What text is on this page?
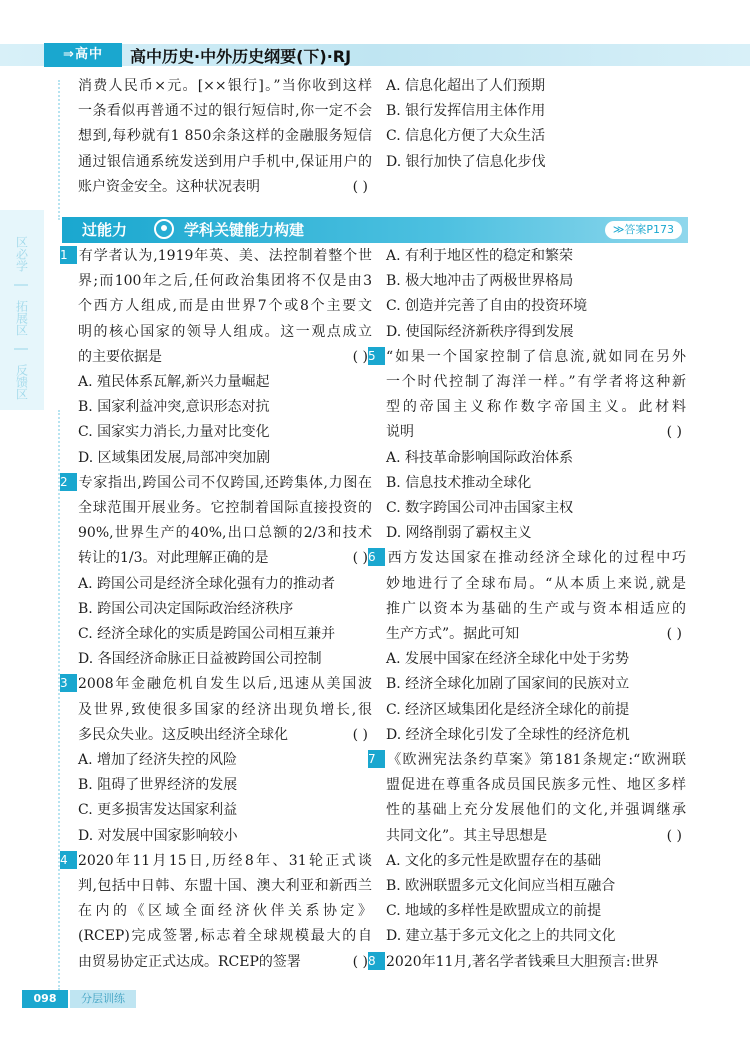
⇒高中	高中历史·中外历史纲要(下)·RJ
区必学
拓展区
反馈区

消费人民币×元。[××银行]。”当你收到这样

一条看似再普通不过的银行短信时,你一定不会

想到,每秒就有1 850余条这样的金融服务短信

通过银信通系统发送到用户手机中,保证用户的

账户资金安全。这种状况表明	( )

A. 信息化超出了人们预期

B. 银行发挥信用主体作用

C. 信息化方便了大众生活

D. 银行加快了信息化步伐

过能力	学科关键能力构建	≫答案P173

1 有学者认为,1919年英、美、法控制着整个世

界;而100年之后,任何政治集团将不仅是由3

个西方人组成,而是由世界7个或8个主要文

明的核心国家的领导人组成。这一观点成立

的主要依据是	( )

A. 殖民体系瓦解,新兴力量崛起

B. 国家利益冲突,意识形态对抗

C. 国家实力消长,力量对比变化

D. 区域集团发展,局部冲突加剧

2 专家指出,跨国公司不仅跨国,还跨集体,力图在

全球范围开展业务。它控制着国际直接投资的

90%,世界生产的40%,出口总额的2/3和技术

转让的1/3。对此理解正确的是	( )

A. 跨国公司是经济全球化强有力的推动者

B. 跨国公司决定国际政治经济秩序

C. 经济全球化的实质是跨国公司相互兼并

D. 各国经济命脉正日益被跨国公司控制

3 2008年金融危机自发生以后,迅速从美国波

及世界,致使很多国家的经济出现负增长,很

多民众失业。这反映出经济全球化	( )

A. 增加了经济失控的风险

B. 阻碍了世界经济的发展

C. 更多损害发达国家利益

D. 对发展中国家影响较小

4 2020年11月15日,历经8年、31轮正式谈

判,包括中日韩、东盟十国、澳大利亚和新西兰

在内的《区域全面经济伙伴关系协定》

(RCEP)完成签署,标志着全球规模最大的自

由贸易协定正式达成。RCEP的签署	( )

A. 有利于地区性的稳定和繁荣

B. 极大地冲击了两极世界格局

C. 创造并完善了自由的投资环境

D. 使国际经济新秩序得到发展

5 “如果一个国家控制了信息流,就如同在另外

一个时代控制了海洋一样。”有学者将这种新

型的帝国主义称作数字帝国主义。此材料

说明	( )

A. 科技革命影响国际政治体系

B. 信息技术推动全球化

C. 数字跨国公司冲击国家主权

D. 网络削弱了霸权主义

6 西方发达国家在推动经济全球化的过程中巧

妙地进行了全球布局。“从本质上来说,就是

推广以资本为基础的生产或与资本相适应的

生产方式”。据此可知	( )

A. 发展中国家在经济全球化中处于劣势

B. 经济全球化加剧了国家间的民族对立

C. 经济区域集团化是经济全球化的前提

D. 经济全球化引发了全球性的经济危机

7 《欧洲宪法条约草案》第181条规定:“欧洲联

盟促进在尊重各成员国民族多元性、地区多样

性的基础上充分发展他们的文化,并强调继承

共同文化”。其主导思想是	( )

A. 文化的多元性是欧盟存在的基础

B. 欧洲联盟多元文化间应当相互融合

C. 地域的多样性是欧盟成立的前提

D. 建立基于多元文化之上的共同文化

8 2020年11月,著名学者钱乘旦大胆预言:世界

098	分层训练
